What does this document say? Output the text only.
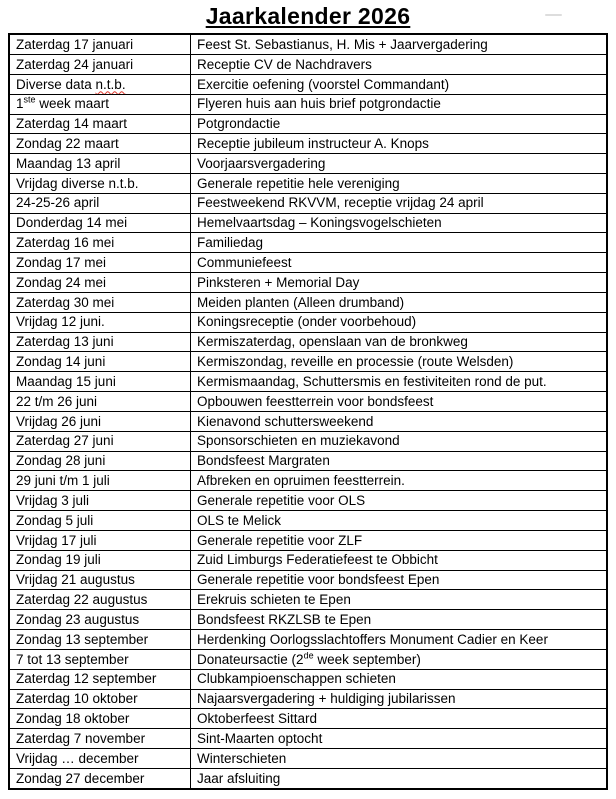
Jaarkalender 2026
Zaterdag 17 januari	Feest St. Sebastianus, H. Mis + Jaarvergadering
Zaterdag 24 januari	Receptie CV de Nachdravers
Diverse data n.t.b.	Exercitie oefening (voorstel Commandant)
1ste week maart	Flyeren huis aan huis brief potgrondactie
Zaterdag 14 maart	Potgrondactie
Zondag 22 maart	Receptie jubileum instructeur A. Knops
Maandag 13 april	Voorjaarsvergadering
Vrijdag diverse n.t.b.	Generale repetitie hele vereniging
24-25-26 april	Feestweekend RKVVM, receptie vrijdag 24 april
Donderdag 14 mei	Hemelvaartsdag – Koningsvogelschieten
Zaterdag 16 mei	Familiedag
Zondag 17 mei	Communiefeest
Zondag 24 mei	Pinksteren + Memorial Day
Zaterdag 30 mei	Meiden planten (Alleen drumband)
Vrijdag 12 juni.	Koningsreceptie (onder voorbehoud)
Zaterdag 13 juni	Kermiszaterdag, openslaan van de bronkweg
Zondag 14 juni	Kermiszondag, reveille en processie (route Welsden)
Maandag 15 juni	Kermismaandag, Schuttersmis en festiviteiten rond de put.
22 t/m 26 juni	Opbouwen feestterrein voor bondsfeest
Vrijdag 26 juni	Kienavond schuttersweekend
Zaterdag 27 juni	Sponsorschieten en muziekavond
Zondag 28 juni	Bondsfeest Margraten
29 juni t/m 1 juli	Afbreken en opruimen feestterrein.
Vrijdag 3 juli	Generale repetitie voor OLS
Zondag 5 juli	OLS te Melick
Vrijdag 17 juli	Generale repetitie voor ZLF
Zondag 19 juli	Zuid Limburgs Federatiefeest te Obbicht
Vrijdag 21 augustus	Generale repetitie voor bondsfeest Epen
Zaterdag 22 augustus	Erekruis schieten te Epen
Zondag 23 augustus	Bondsfeest RKZLSB te Epen
Zondag 13 september	Herdenking Oorlogsslachtoffers Monument Cadier en Keer
7 tot 13 september	Donateursactie (2de week september)
Zaterdag 12 september	Clubkampioenschappen schieten
Zaterdag 10 oktober	Najaarsvergadering + huldiging jubilarissen
Zondag 18 oktober	Oktoberfeest Sittard
Zaterdag 7 november	Sint-Maarten optocht
Vrijdag … december	Winterschieten
Zondag 27 december	Jaar afsluiting
